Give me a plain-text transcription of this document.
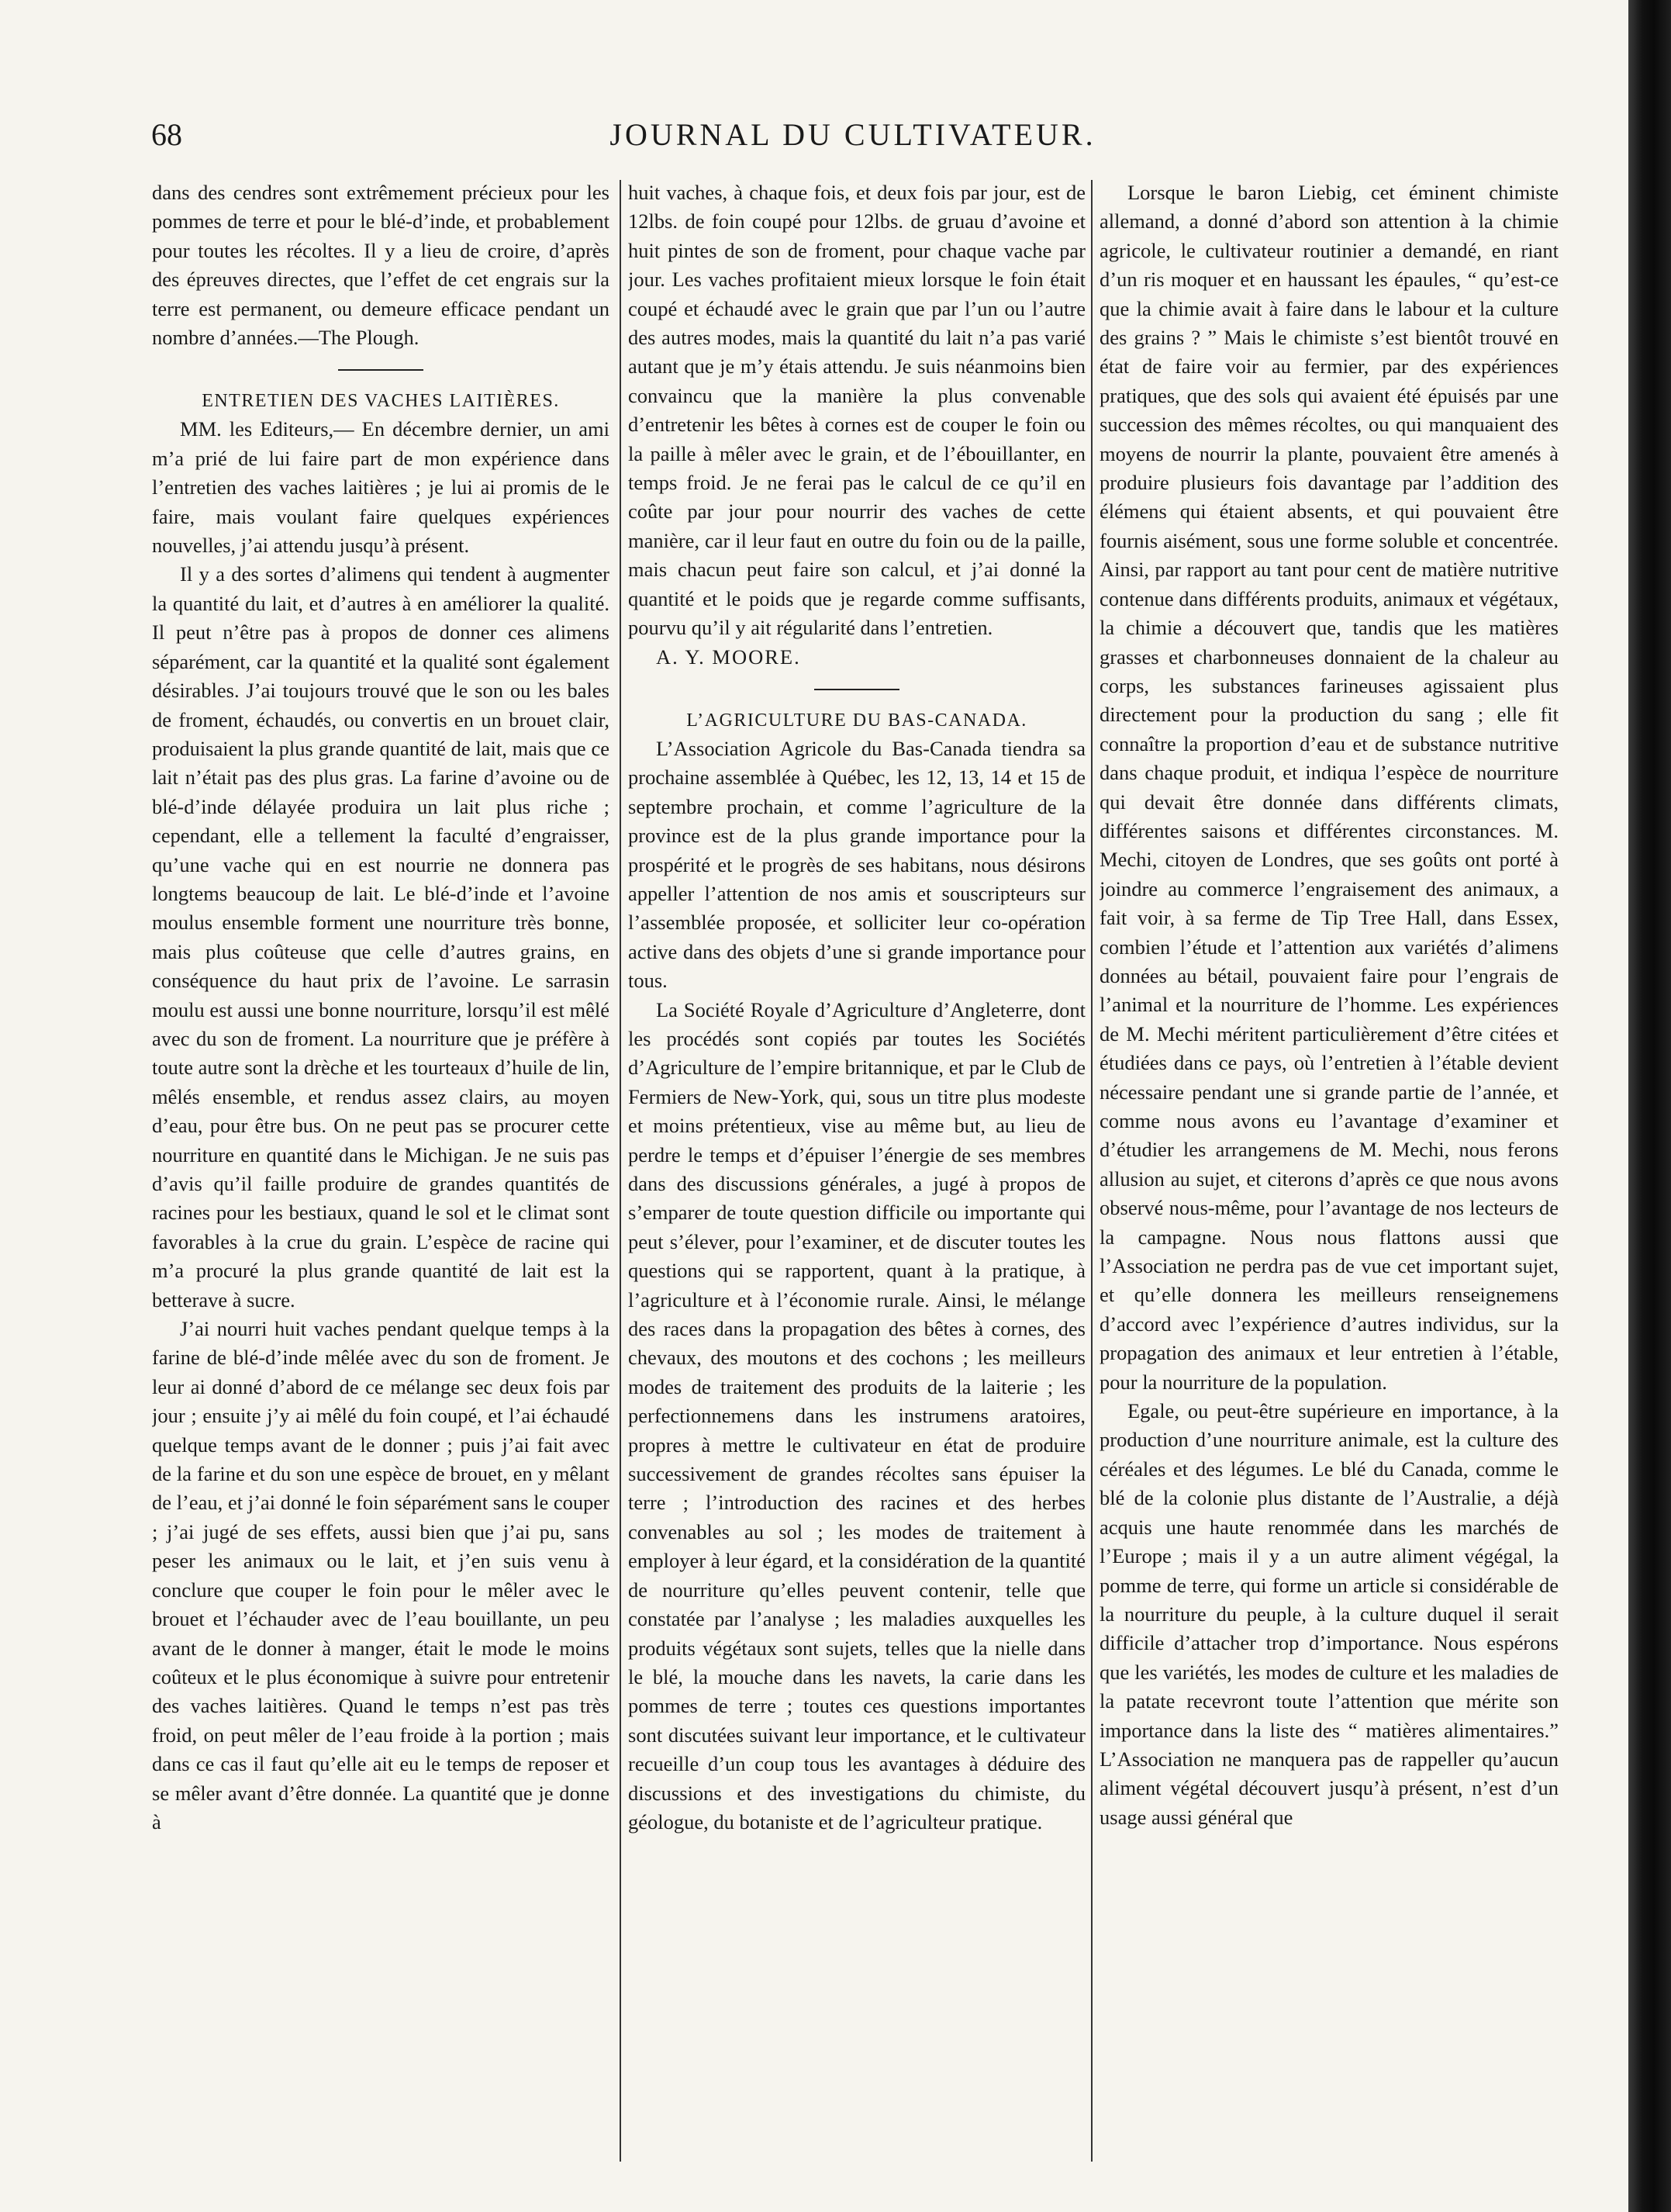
68	JOURNAL DU CULTIVATEUR.

dans des cendres sont extrêmement précieux pour les pommes de terre et pour le blé-d’inde, et probablement pour toutes les récoltes. Il y a lieu de croire, d’après des épreuves directes, que l’effet de cet engrais sur la terre est permanent, ou demeure efficace pendant un nombre d’années.—The Plough.

ENTRETIEN DES VACHES LAITIÈRES.

MM. les Editeurs,— En décembre dernier, un ami m’a prié de lui faire part de mon expérience dans l’entretien des vaches laitières ; je lui ai promis de le faire, mais voulant faire quelques expériences nouvelles, j’ai attendu jusqu’à présent.

Il y a des sortes d’alimens qui tendent à augmenter la quantité du lait, et d’autres à en améliorer la qualité. Il peut n’être pas à propos de donner ces alimens séparément, car la quantité et la qualité sont également désirables. J’ai toujours trouvé que le son ou les bales de froment, échaudés, ou convertis en un brouet clair, produisaient la plus grande quantité de lait, mais que ce lait n’était pas des plus gras. La farine d’avoine ou de blé-d’inde délayée produira un lait plus riche ; cependant, elle a tellement la faculté d’engraisser, qu’une vache qui en est nourrie ne donnera pas longtems beaucoup de lait. Le blé-d’inde et l’avoine moulus ensemble forment une nourriture très bonne, mais plus coûteuse que celle d’autres grains, en conséquence du haut prix de l’avoine. Le sarrasin moulu est aussi une bonne nourriture, lorsqu’il est mêlé avec du son de froment. La nourriture que je préfère à toute autre sont la drèche et les tourteaux d’huile de lin, mêlés ensemble, et rendus assez clairs, au moyen d’eau, pour être bus. On ne peut pas se procurer cette nourriture en quantité dans le Michigan. Je ne suis pas d’avis qu’il faille produire de grandes quantités de racines pour les bestiaux, quand le sol et le climat sont favorables à la crue du grain. L’espèce de racine qui m’a procuré la plus grande quantité de lait est la betterave à sucre.

J’ai nourri huit vaches pendant quelque temps à la farine de blé-d’inde mêlée avec du son de froment. Je leur ai donné d’abord de ce mélange sec deux fois par jour ; ensuite j’y ai mêlé du foin coupé, et l’ai échaudé quelque temps avant de le donner ; puis j’ai fait avec de la farine et du son une espèce de brouet, en y mêlant de l’eau, et j’ai donné le foin séparément sans le couper ; j’ai jugé de ses effets, aussi bien que j’ai pu, sans peser les animaux ou le lait, et j’en suis venu à conclure que couper le foin pour le mêler avec le brouet et l’échauder avec de l’eau bouillante, un peu avant de le donner à manger, était le mode le moins coûteux et le plus économique à suivre pour entretenir des vaches laitières. Quand le temps n’est pas très froid, on peut mêler de l’eau froide à la portion ; mais dans ce cas il faut qu’elle ait eu le temps de reposer et se mêler avant d’être donnée. La quantité que je donne à

huit vaches, à chaque fois, et deux fois par jour, est de 12lbs. de foin coupé pour 12lbs. de gruau d’avoine et huit pintes de son de froment, pour chaque vache par jour. Les vaches profitaient mieux lorsque le foin était coupé et échaudé avec le grain que par l’un ou l’autre des autres modes, mais la quantité du lait n’a pas varié autant que je m’y étais attendu. Je suis néanmoins bien convaincu que la manière la plus convenable d’entretenir les bêtes à cornes est de couper le foin ou la paille à mêler avec le grain, et de l’ébouillanter, en temps froid. Je ne ferai pas le calcul de ce qu’il en coûte par jour pour nourrir des vaches de cette manière, car il leur faut en outre du foin ou de la paille, mais chacun peut faire son calcul, et j’ai donné la quantité et le poids que je regarde comme suffisants, pourvu qu’il y ait régularité dans l’entretien.

A. Y. MOORE.

L’AGRICULTURE DU BAS-CANADA.

L’Association Agricole du Bas-Canada tiendra sa prochaine assemblée à Québec, les 12, 13, 14 et 15 de septembre prochain, et comme l’agriculture de la province est de la plus grande importance pour la prospérité et le progrès de ses habitans, nous désirons appeller l’attention de nos amis et souscripteurs sur l’assemblée proposée, et solliciter leur co-opération active dans des objets d’une si grande importance pour tous.

La Société Royale d’Agriculture d’Angleterre, dont les procédés sont copiés par toutes les Sociétés d’Agriculture de l’empire britannique, et par le Club de Fermiers de New-York, qui, sous un titre plus modeste et moins prétentieux, vise au même but, au lieu de perdre le temps et d’épuiser l’énergie de ses membres dans des discussions générales, a jugé à propos de s’emparer de toute question difficile ou importante qui peut s’élever, pour l’examiner, et de discuter toutes les questions qui se rapportent, quant à la pratique, à l’agriculture et à l’économie rurale. Ainsi, le mélange des races dans la propagation des bêtes à cornes, des chevaux, des moutons et des cochons ; les meilleurs modes de traitement des produits de la laiterie ; les perfectionnemens dans les instrumens aratoires, propres à mettre le cultivateur en état de produire successivement de grandes récoltes sans épuiser la terre ; l’introduction des racines et des herbes convenables au sol ; les modes de traitement à employer à leur égard, et la considération de la quantité de nourriture qu’elles peuvent contenir, telle que constatée par l’analyse ; les maladies auxquelles les produits végétaux sont sujets, telles que la nielle dans le blé, la mouche dans les navets, la carie dans les pommes de terre ; toutes ces questions importantes sont discutées suivant leur importance, et le cultivateur recueille d’un coup tous les avantages à déduire des discussions et des investigations du chimiste, du géologue, du botaniste et de l’agriculteur pratique.

Lorsque le baron Liebig, cet éminent chimiste allemand, a donné d’abord son attention à la chimie agricole, le cultivateur routinier a demandé, en riant d’un ris moquer et en haussant les épaules, “ qu’est-ce que la chimie avait à faire dans le labour et la culture des grains ? ” Mais le chimiste s’est bientôt trouvé en état de faire voir au fermier, par des expériences pratiques, que des sols qui avaient été épuisés par une succession des mêmes récoltes, ou qui manquaient des moyens de nourrir la plante, pouvaient être amenés à produire plusieurs fois davantage par l’addition des élémens qui étaient absents, et qui pouvaient être fournis aisément, sous une forme soluble et concentrée. Ainsi, par rapport au tant pour cent de matière nutritive contenue dans différents produits, animaux et végétaux, la chimie a découvert que, tandis que les matières grasses et charbonneuses donnaient de la chaleur au corps, les substances farineuses agissaient plus directement pour la production du sang ; elle fit connaître la proportion d’eau et de substance nutritive dans chaque produit, et indiqua l’espèce de nourriture qui devait être donnée dans différents climats, différentes saisons et différentes circonstances. M. Mechi, citoyen de Londres, que ses goûts ont porté à joindre au commerce l’engraisement des animaux, a fait voir, à sa ferme de Tip Tree Hall, dans Essex, combien l’étude et l’attention aux variétés d’alimens données au bétail, pouvaient faire pour l’engrais de l’animal et la nourriture de l’homme. Les expériences de M. Mechi méritent particulièrement d’être citées et étudiées dans ce pays, où l’entretien à l’étable devient nécessaire pendant une si grande partie de l’année, et comme nous avons eu l’avantage d’examiner et d’étudier les arrangemens de M. Mechi, nous ferons allusion au sujet, et citerons d’après ce que nous avons observé nous-même, pour l’avantage de nos lecteurs de la campagne. Nous nous flattons aussi que l’Association ne perdra pas de vue cet important sujet, et qu’elle donnera les meilleurs renseignemens d’accord avec l’expérience d’autres individus, sur la propagation des animaux et leur entretien à l’étable, pour la nourriture de la population.

Egale, ou peut-être supérieure en importance, à la production d’une nourriture animale, est la culture des céréales et des légumes. Le blé du Canada, comme le blé de la colonie plus distante de l’Australie, a déjà acquis une haute renommée dans les marchés de l’Europe ; mais il y a un autre aliment végégal, la pomme de terre, qui forme un article si considérable de la nourriture du peuple, à la culture duquel il serait difficile d’attacher trop d’importance. Nous espérons que les variétés, les modes de culture et les maladies de la patate recevront toute l’attention que mérite son importance dans la liste des “ matières alimentaires.” L’Association ne manquera pas de rappeller qu’aucun aliment végétal découvert jusqu’à présent, n’est d’un usage aussi général que
